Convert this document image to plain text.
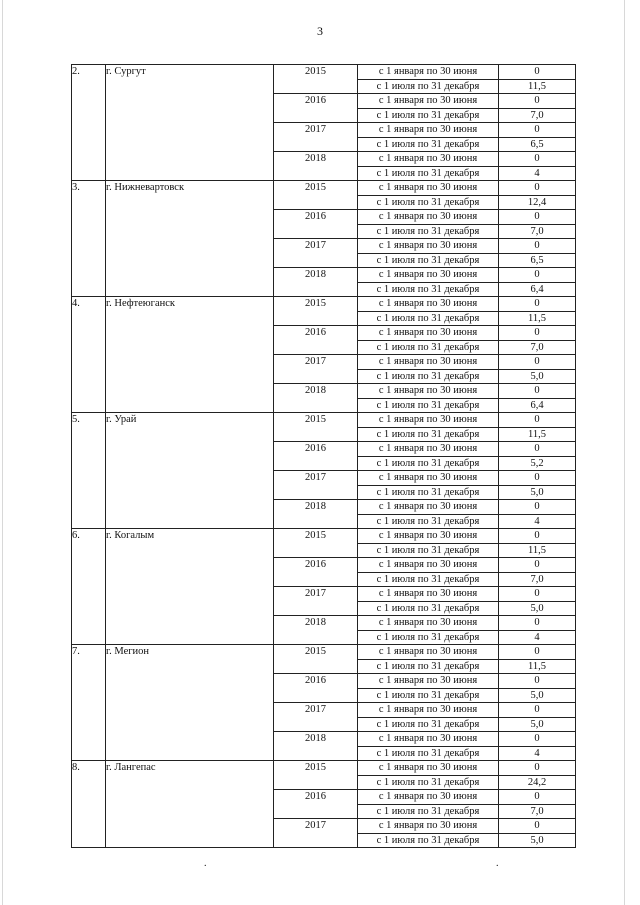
3
2.	г. Сургут	2015	с 1 января по 30 июня	0
			с 1 июля по 31 декабря	11,5
		2016	с 1 января по 30 июня	0
			с 1 июля по 31 декабря	7,0
		2017	с 1 января по 30 июня	0
			с 1 июля по 31 декабря	6,5
		2018	с 1 января по 30 июня	0
			с 1 июля по 31 декабря	4
3.	г. Нижневартовск	2015	с 1 января по 30 июня	0
			с 1 июля по 31 декабря	12,4
		2016	с 1 января по 30 июня	0
			с 1 июля по 31 декабря	7,0
		2017	с 1 января по 30 июня	0
			с 1 июля по 31 декабря	6,5
		2018	с 1 января по 30 июня	0
			с 1 июля по 31 декабря	6,4
4.	г. Нефтеюганск	2015	с 1 января по 30 июня	0
			с 1 июля по 31 декабря	11,5
		2016	с 1 января по 30 июня	0
			с 1 июля по 31 декабря	7,0
		2017	с 1 января по 30 июня	0
			с 1 июля по 31 декабря	5,0
		2018	с 1 января по 30 июня	0
			с 1 июля по 31 декабря	6,4
5.	г. Урай	2015	с 1 января по 30 июня	0
			с 1 июля по 31 декабря	11,5
		2016	с 1 января по 30 июня	0
			с 1 июля по 31 декабря	5,2
		2017	с 1 января по 30 июня	0
			с 1 июля по 31 декабря	5,0
		2018	с 1 января по 30 июня	0
			с 1 июля по 31 декабря	4
6.	г. Когалым	2015	с 1 января по 30 июня	0
			с 1 июля по 31 декабря	11,5
		2016	с 1 января по 30 июня	0
			с 1 июля по 31 декабря	7,0
		2017	с 1 января по 30 июня	0
			с 1 июля по 31 декабря	5,0
		2018	с 1 января по 30 июня	0
			с 1 июля по 31 декабря	4
7.	г. Мегион	2015	с 1 января по 30 июня	0
			с 1 июля по 31 декабря	11,5
		2016	с 1 января по 30 июня	0
			с 1 июля по 31 декабря	5,0
		2017	с 1 января по 30 июня	0
			с 1 июля по 31 декабря	5,0
		2018	с 1 января по 30 июня	0
			с 1 июля по 31 декабря	4
8.	г. Лангепас	2015	с 1 января по 30 июня	0
			с 1 июля по 31 декабря	24,2
		2016	с 1 января по 30 июня	0
			с 1 июля по 31 декабря	7,0
		2017	с 1 января по 30 июня	0
			с 1 июля по 31 декабря	5,0
.	.
